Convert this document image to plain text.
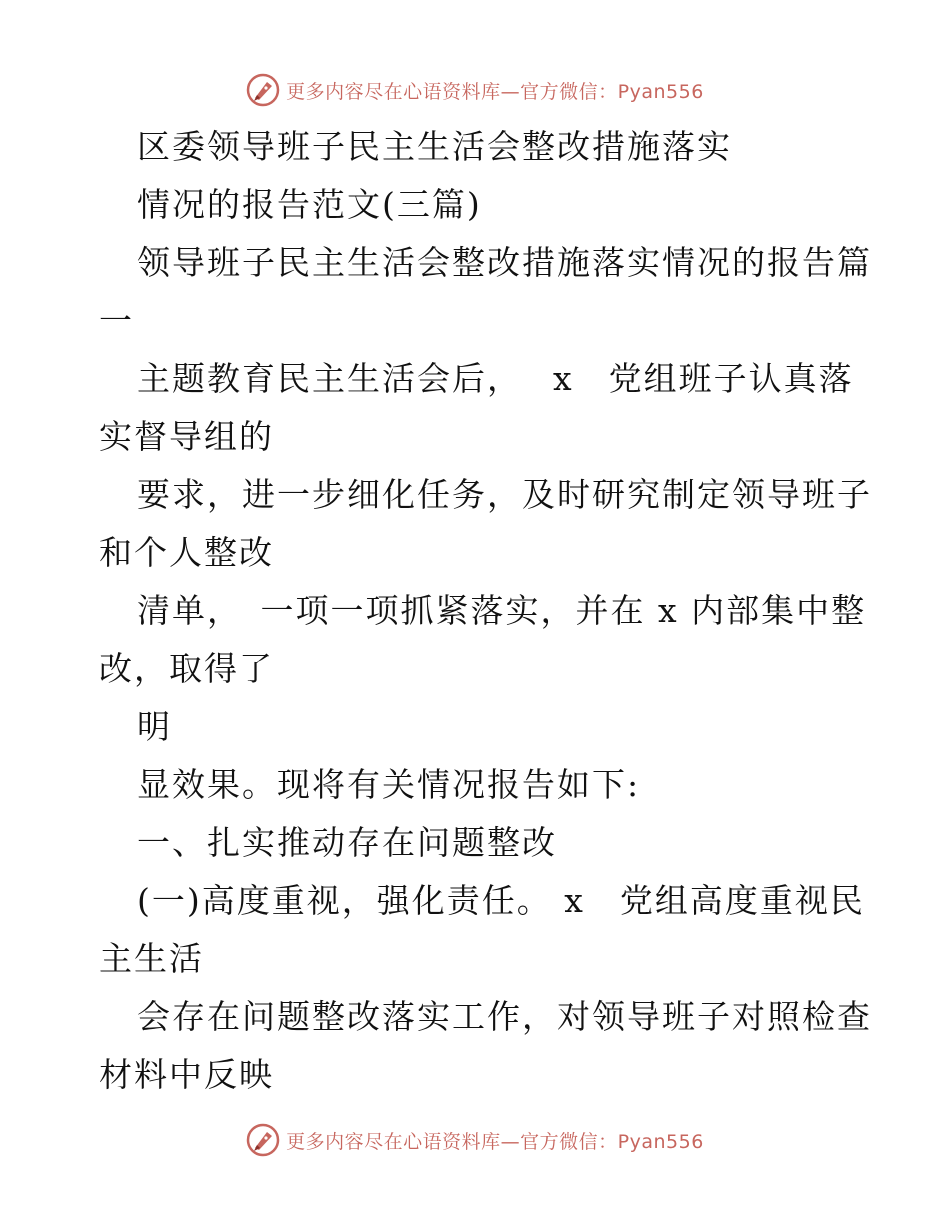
更多内容尽在心语资料库—官方微信：Pyan556
区委领导班子民主生活会整改措施落实
情况的报告范文(三篇)
领导班子民主生活会整改措施落实情况的报告篇
一
主题教育民主生活会后，　 x　党组班子认真落
实督导组的
要求，进一步细化任务，及时研究制定领导班子
和个人整改
清单，　一项一项抓紧落实，并在 x 内部集中整
改，取得了
明
显效果。现将有关情况报告如下:
一、扎实推动存在问题整改
(一)高度重视，强化责任。 x　党组高度重视民
主生活
会存在问题整改落实工作，对领导班子对照检查
材料中反映
更多内容尽在心语资料库—官方微信：Pyan556
